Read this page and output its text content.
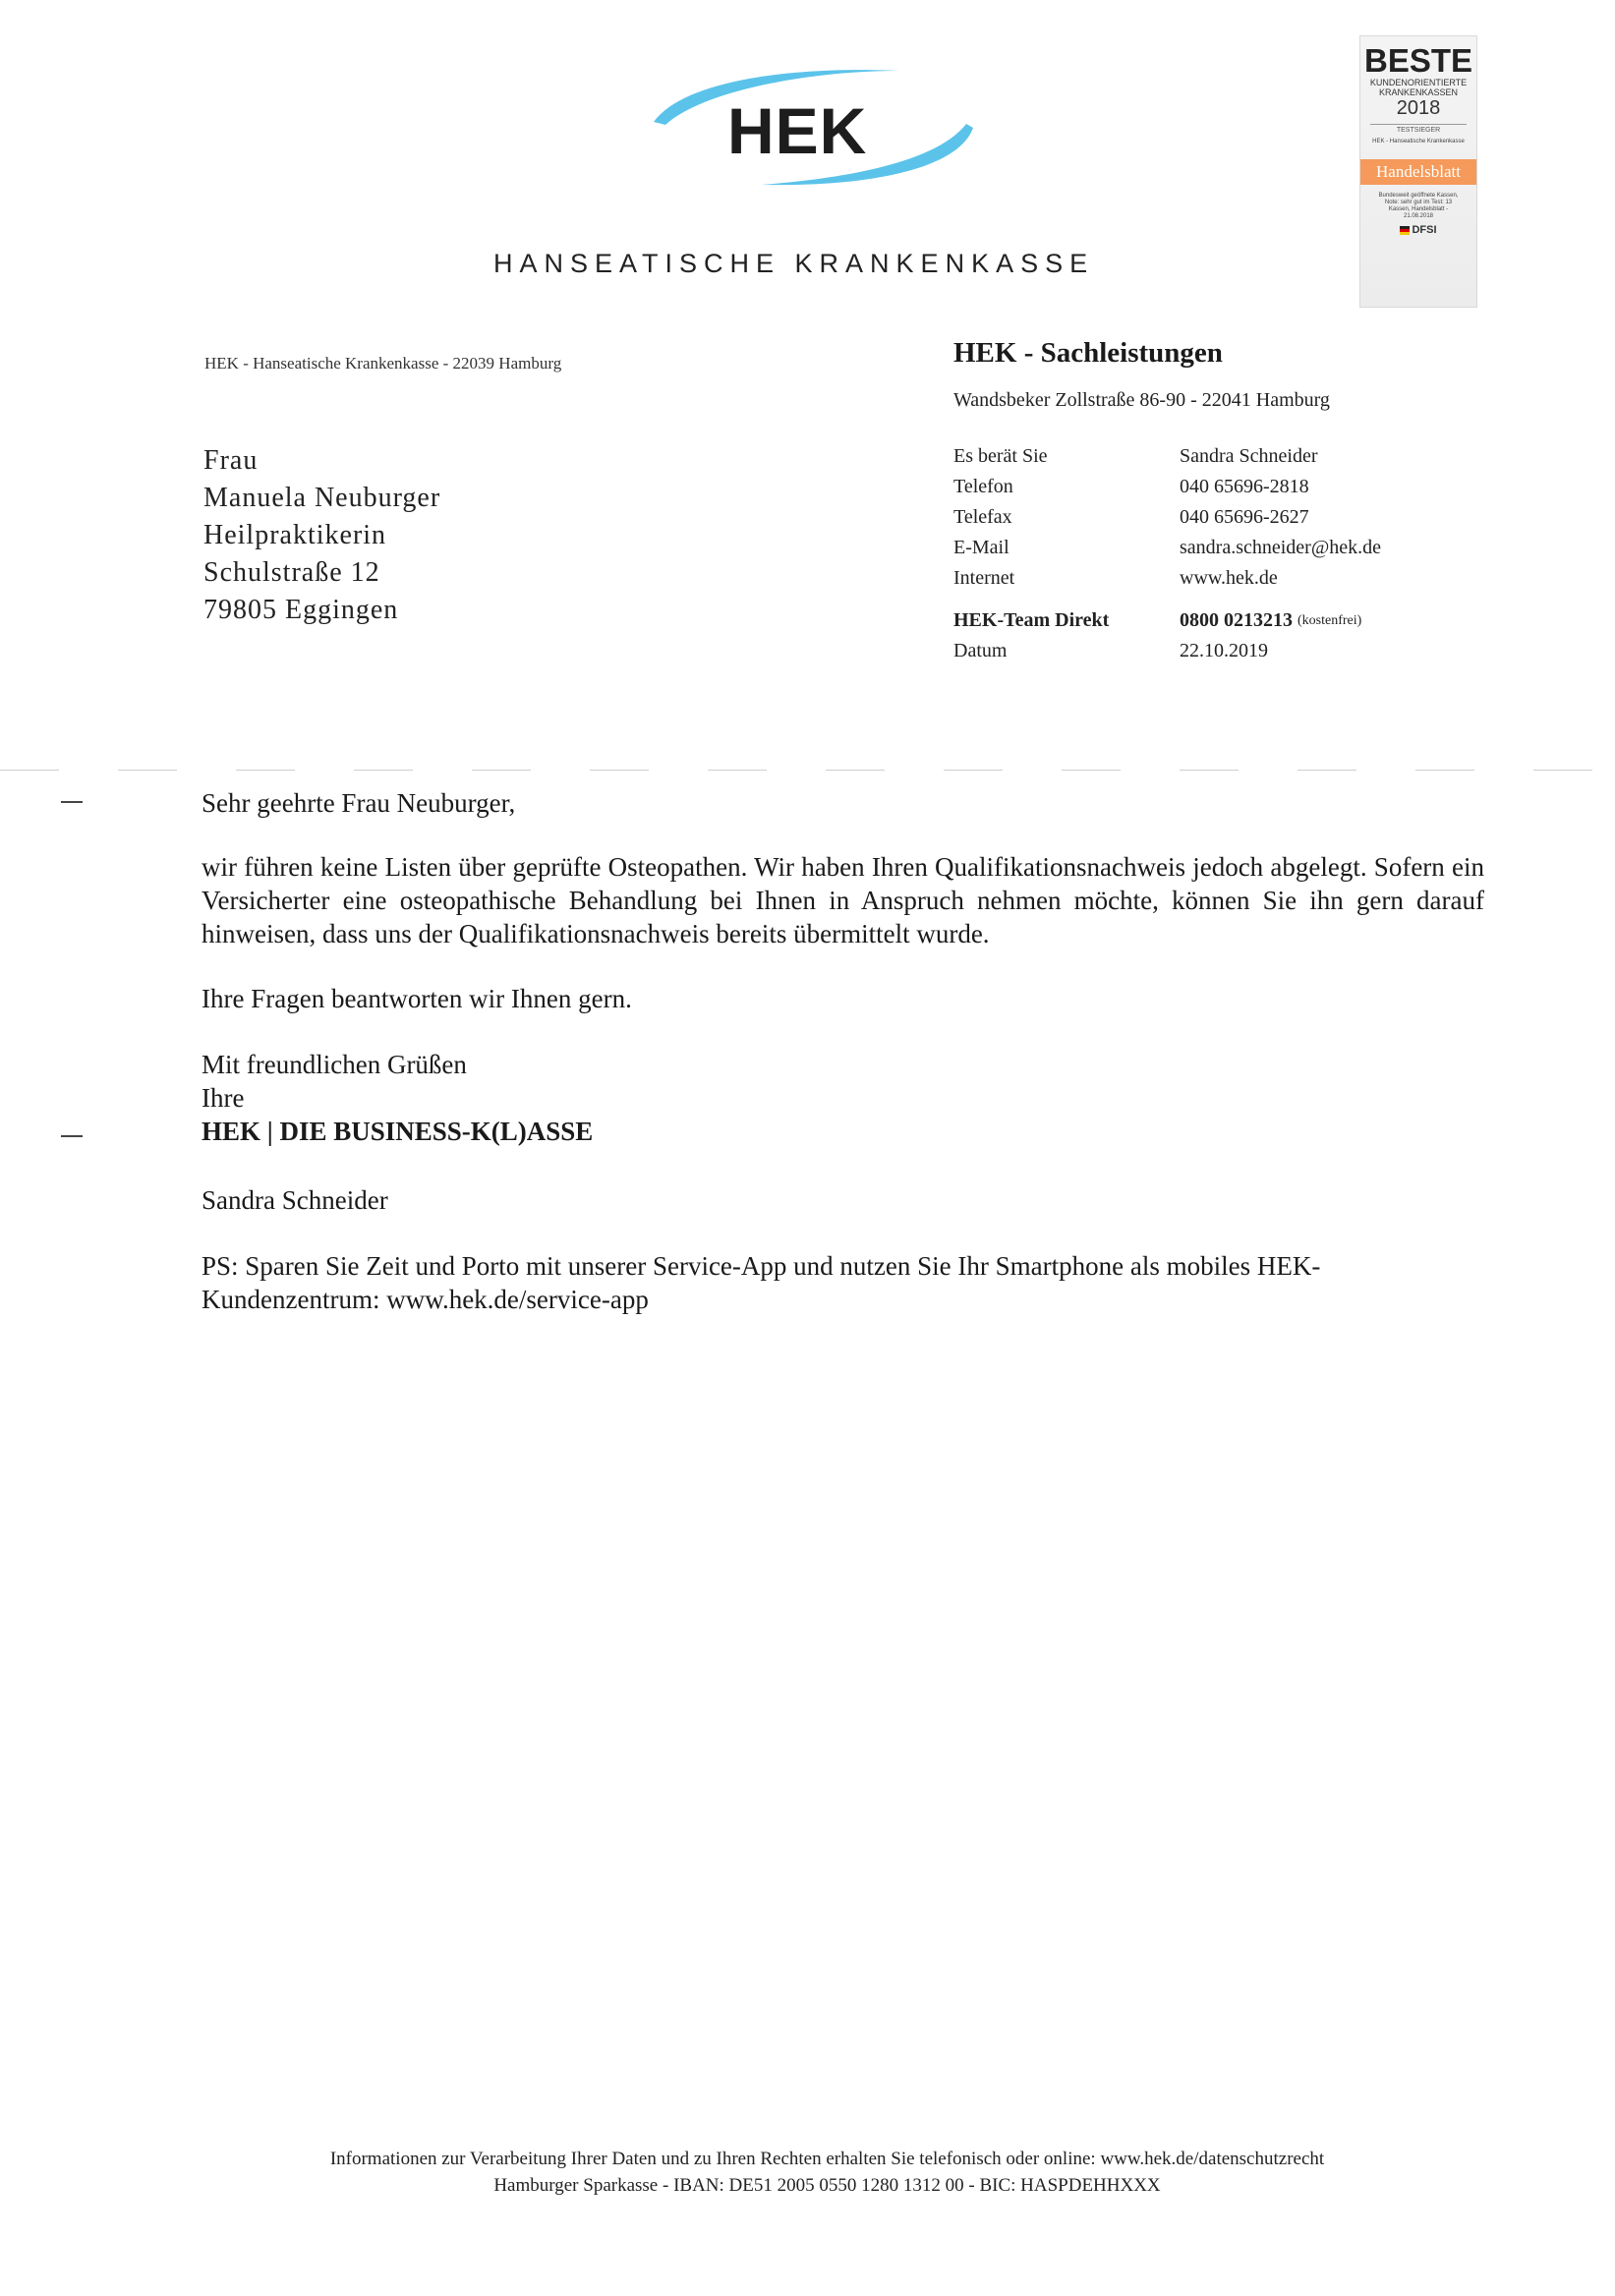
HEK
HANSEATISCHE KRANKENKASSE
BESTE
KUNDENORIENTIERTE
KRANKENKASSEN
2018
TESTSIEGER
HEK - Hanseatische Krankenkasse
Handelsblatt
Bundesweit geöffnete Kassen, Note: sehr gut im Test: 13 Kassen, Handelsblatt - 21.08.2018
DFSI
HEK - Hanseatische Krankenkasse - 22039 Hamburg
Frau
Manuela Neuburger
Heilpraktikerin
Schulstraße 12
79805 Eggingen
HEK - Sachleistungen
Wandsbeker Zollstraße 86-90 - 22041 Hamburg
Es berät Sie	Sandra Schneider
Telefon	040 65696-2818
Telefax	040 65696-2627
E-Mail	sandra.schneider@hek.de
Internet	www.hek.de
HEK-Team Direkt	0800 0213213
(kostenfrei)
Datum	22.10.2019

Sehr geehrte Frau Neuburger,

wir führen keine Listen über geprüfte Osteopathen. Wir haben Ihren Qualifikationsnachweis jedoch abgelegt. Sofern ein Versicherter eine osteopathische Behandlung bei Ihnen in Anspruch nehmen möchte, können Sie ihn gern darauf hinweisen, dass uns der Qualifikationsnachweis bereits übermittelt wurde.

Ihre Fragen beantworten wir Ihnen gern.

Mit freundlichen Grüßen

Ihre

HEK | DIE BUSINESS-K(L)ASSE

Sandra Schneider

PS: Sparen Sie Zeit und Porto mit unserer Service-App und nutzen Sie Ihr Smartphone als mobiles HEK-Kundenzentrum: www.hek.de/service-app

Informationen zur Verarbeitung Ihrer Daten und zu Ihren Rechten erhalten Sie telefonisch oder online: www.hek.de/datenschutzrecht
Hamburger Sparkasse - IBAN: DE51 2005 0550 1280 1312 00 - BIC: HASPDEHHXXX
